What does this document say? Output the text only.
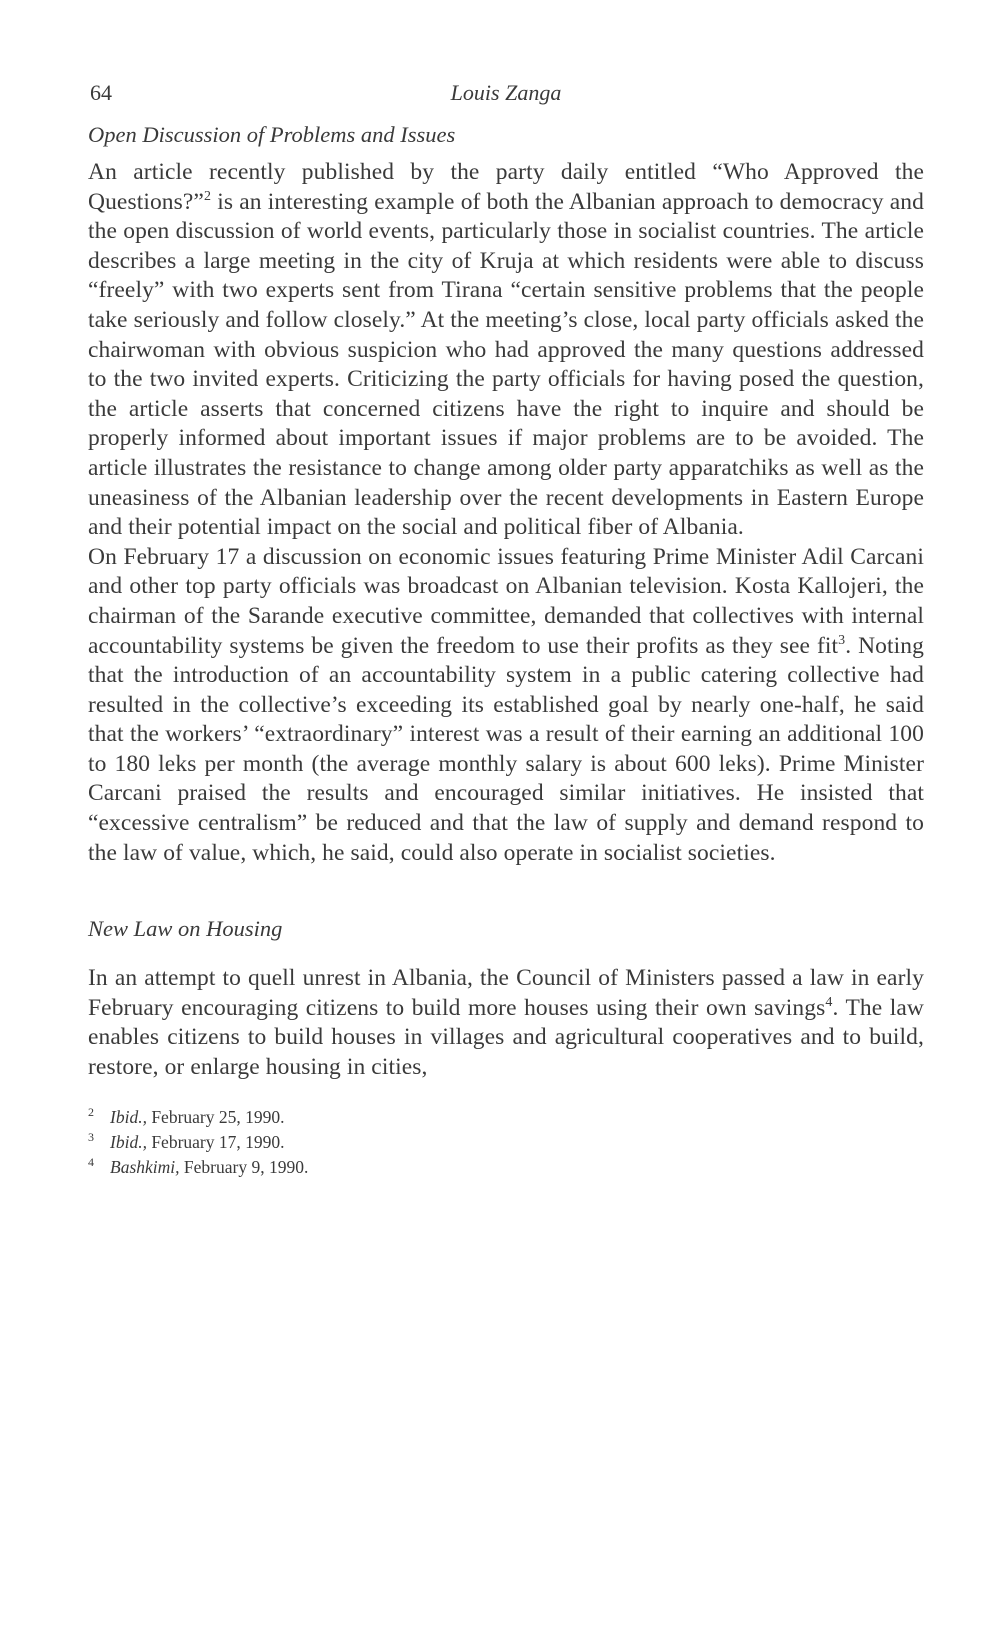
64	Louis Zanga
Open Discussion of Problems and Issues

An article recently published by the party daily entitled “Who Approved the Questions?”$^2$ is an interesting example of both the Albanian approach to democracy and the open discussion of world events, particularly those in socialist countries. The article describes a large meeting in the city of Kruja at which residents were able to discuss “freely” with two experts sent from Tirana “certain sensitive problems that the people take seriously and follow closely.” At the meeting’s close, local party officials asked the chairwoman with obvious suspicion who had approved the many questions addressed to the two invited experts. Criticizing the party officials for having posed the question, the article asserts that concerned citizens have the right to inquire and should be properly informed about important issues if major problems are to be avoided. The article illustrates the resistance to change among older party apparatchiks as well as the uneasiness of the Albanian leadership over the recent developments in Eastern Europe and their potential impact on the social and political fiber of Albania.

On February 17 a discussion on economic issues featuring Prime Minister Adil Carcani and other top party officials was broadcast on Albanian television. Kosta Kallojeri, the chairman of the Sarande executive committee, demanded that collectives with internal accountability systems be given the freedom to use their profits as they see fit$^3$. Noting that the introduction of an accountability system in a public catering collective had resulted in the collective’s exceeding its established goal by nearly one-half, he said that the workers’ “extraordinary” interest was a result of their earning an additional 100 to 180 leks per month (the average monthly salary is about 600 leks). Prime Minister Carcani praised the results and encouraged similar initiatives. He insisted that “excessive centralism” be reduced and that the law of supply and demand respond to the law of value, which, he said, could also operate in socialist societies.

New Law on Housing

In an attempt to quell unrest in Albania, the Council of Ministers passed a law in early February encouraging citizens to build more houses using their own savings$^4$. The law enables citizens to build houses in villages and agricultural cooperatives and to build, restore, or enlarge housing in cities,

2 Ibid., February 25, 1990.
3 Ibid., February 17, 1990.
4 Bashkimi, February 9, 1990.
